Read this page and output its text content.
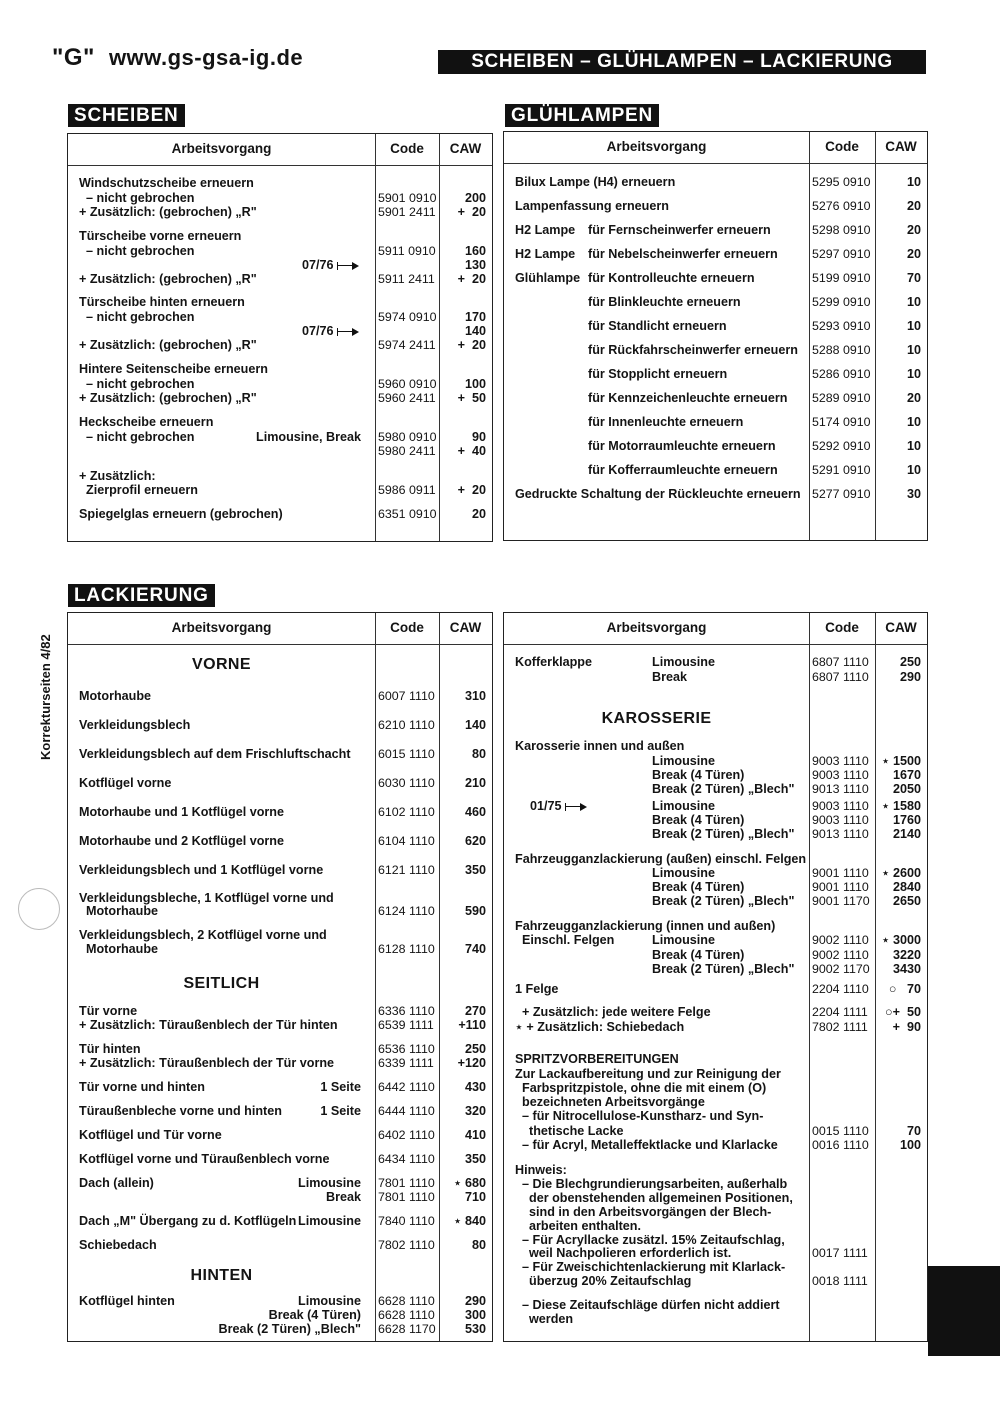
"G" www.gs-gsa-ig.de	SCHEIBEN – GLÜHLAMPEN – LACKIERUNG
Korrekturseiten 4/82
SCHEIBEN	GLÜHLAMPEN
LACKIERUNG
Arbeitsvorgang	Code	CAW
Windschutzscheibe erneuern
– nicht gebrochen	5901 0910	200
+ Zusätzlich: (gebrochen) „R"	5901 2411	+  20
Türscheibe vorne erneuern
– nicht gebrochen	5911 0910	160
07/76	130
+ Zusätzlich: (gebrochen) „R"	5911 2411	+  20
Türscheibe hinten erneuern
– nicht gebrochen	5974 0910	170
07/76	140
+ Zusätzlich: (gebrochen) „R"	5974 2411	+  20
Hintere Seitenscheibe erneuern
– nicht gebrochen	5960 0910	100
+ Zusätzlich: (gebrochen) „R"	5960 2411	+  50
Heckscheibe erneuern
– nicht gebrochen	Limousine, Break 5980 0910	90
5980 2411	+  40
+ Zusätzlich:
Zierprofil erneuern	5986 0911	+  20
Spiegelglas erneuern (gebrochen)	6351 0910	20
Arbeitsvorgang	Code	CAW
Bilux Lampe (H4) erneuern	5295 0910	10
Lampenfassung erneuern	5276 0910	20
H2 Lampe für Fernscheinwerfer erneuern	5298 0910	20
H2 Lampe für Nebelscheinwerfer erneuern	5297 0910	20
Glühlampe für Kontrolleuchte erneuern	5199 0910	70
für Blinkleuchte erneuern	5299 0910	10
für Standlicht erneuern	5293 0910	10
für Rückfahrscheinwerfer erneuern 5288 0910	10
für Stopplicht erneuern	5286 0910	10
für Kennzeichenleuchte erneuern 5289 0910	20
für Innenleuchte erneuern	5174 0910	10
für Motorraumleuchte erneuern	5292 0910	10
für Kofferraumleuchte erneuern	5291 0910	10
Gedruckte Schaltung der Rückleuchte erneuern 5277 0910	30
Arbeitsvorgang	Code	CAW
VORNE
Motorhaube	6007 1110	310
Verkleidungsblech	6210 1110	140
Verkleidungsblech auf dem Frischluftschacht 6015 1110	80
Kotflügel vorne	6030 1110	210
Motorhaube und 1 Kotflügel vorne	6102 1110	460
Motorhaube und 2 Kotflügel vorne	6104 1110	620
Verkleidungsblech und 1 Kotflügel vorne	6121 1110	350
Verkleidungsbleche, 1 Kotflügel vorne und
Motorhaube	6124 1110	590
Verkleidungsblech, 2 Kotflügel vorne und
Motorhaube	6128 1110	740
SEITLICH
Tür vorne	6336 1110	270
+ Zusätzlich: Türaußenblech der Tür hinten	6539 1111	+110
Tür hinten	6536 1110	250
+ Zusätzlich: Türaußenblech der Tür vorne	6339 1111	+120
Tür vorne und hinten	1 Seite 6442 1110	430
Türaußenbleche vorne und hinten	1 Seite 6444 1110	320
Kotflügel und Tür vorne	6402 1110	410
Kotflügel vorne und Türaußenblech vorne	6434 1110	350
Dach (allein)	Limousine 7801 1110	⋆ 680
Break 7801 1110	710
Dach „M" Übergang zu d. Kotflügeln Limousine 7840 1110	⋆ 840
Schiebedach	7802 1110	80
HINTEN
Kotflügel hinten	Limousine 6628 1110	290
Break (4 Türen) 6628 1110	300
Break (2 Türen) „Blech" 6628 1170	530
Arbeitsvorgang	Code	CAW
Kofferklappe	Limousine	6807 1110	250
Break	6807 1110	290
KAROSSERIE
Karosserie innen und außen
Limousine	9003 1110	⋆ 1500
Break (4 Türen)	9003 1110	1670
Break (2 Türen) „Blech" 9013 1110	2050
Limousine
01/75	9003 1110	⋆ 1580
Break (4 Türen)	9003 1110	1760
Break (2 Türen) „Blech" 9013 1110	2140
Fahrzeugganzlackierung (außen) einschl. Felgen
Limousine	9001 1110	⋆ 2600
Break (4 Türen)	9001 1110	2840
Break (2 Türen) „Blech" 9001 1170	2650
Fahrzeugganzlackierung (innen und außen)
Einschl. Felgen	Limousine	9002 1110	⋆ 3000
Break (4 Türen)	9002 1110	3220
Break (2 Türen) „Blech" 9002 1170	3430
1 Felge	2204 1110	○   70
+ Zusätzlich: jede weitere Felge	2204 1111	○+  50
⋆ + Zusätzlich: Schiebedach	7802 1111	+  90
SPRITZVORBEREITUNGEN
Zur Lackaufbereitung und zur Reinigung der
Farbspritzpistole, ohne die mit einem (O)
bezeichneten Arbeitsvorgänge
– für Nitrocellulose-Kunstharz- und Syn-
thetische Lacke	0015 1110	70
– für Acryl, Metalleffektlacke und Klarlacke	0016 1110	100
Hinweis:
– Die Blechgrundierungsarbeiten, außerhalb
der obenstehenden allgemeinen Positionen,
sind in den Arbeitsvorgängen der Blech-
arbeiten enthalten.
– Für Acryllacke zusätzl. 15% Zeitaufschlag,
weil Nachpolieren erforderlich ist.	0017 1111
– Für Zweischichtenlackierung mit Klarlack-
überzug 20% Zeitaufschlag	0018 1111
– Diese Zeitaufschläge dürfen nicht addiert
werden
